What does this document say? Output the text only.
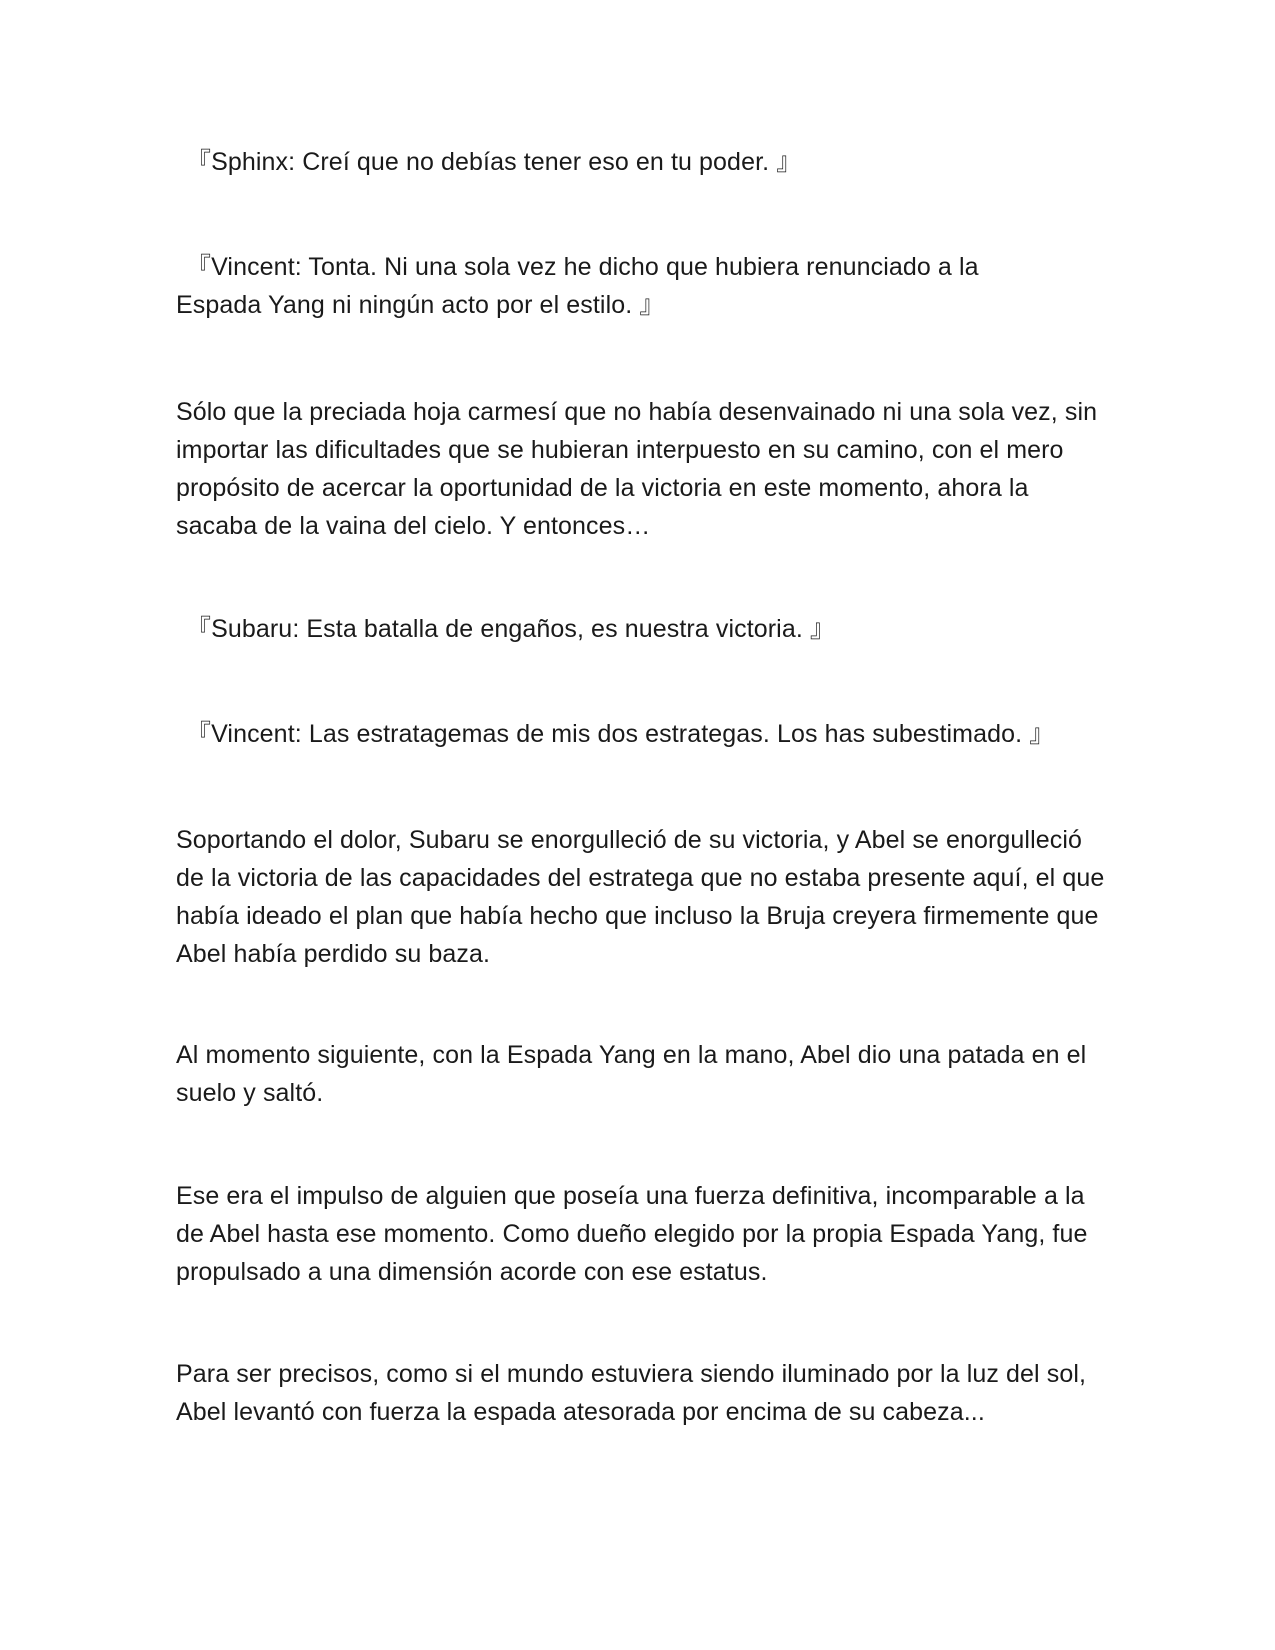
『Sphinx: Creí que no debías tener eso en tu poder. 』

『Vincent: Tonta. Ni una sola vez he dicho que hubiera renunciado a la
Espada Yang ni ningún acto por el estilo. 』

Sólo que la preciada hoja carmesí que no había desenvainado ni una sola vez, sin importar las dificultades que se hubieran interpuesto en su camino, con el mero propósito de acercar la oportunidad de la victoria en este momento, ahora la sacaba de la vaina del cielo. Y entonces…

『Subaru: Esta batalla de engaños, es nuestra victoria. 』

『Vincent: Las estratagemas de mis dos estrategas. Los has subestimado. 』

Soportando el dolor, Subaru se enorgulleció de su victoria, y Abel se enorgulleció de la victoria de las capacidades del estratega que no estaba presente aquí, el que había ideado el plan que había hecho que incluso la Bruja creyera firmemente que Abel había perdido su baza.

Al momento siguiente, con la Espada Yang en la mano, Abel dio una patada en el suelo y saltó.

Ese era el impulso de alguien que poseía una fuerza definitiva, incomparable a la de Abel hasta ese momento. Como dueño elegido por la propia Espada Yang, fue propulsado a una dimensión acorde con ese estatus.

Para ser precisos, como si el mundo estuviera siendo iluminado por la luz del sol, Abel levantó con fuerza la espada atesorada por encima de su cabeza...
